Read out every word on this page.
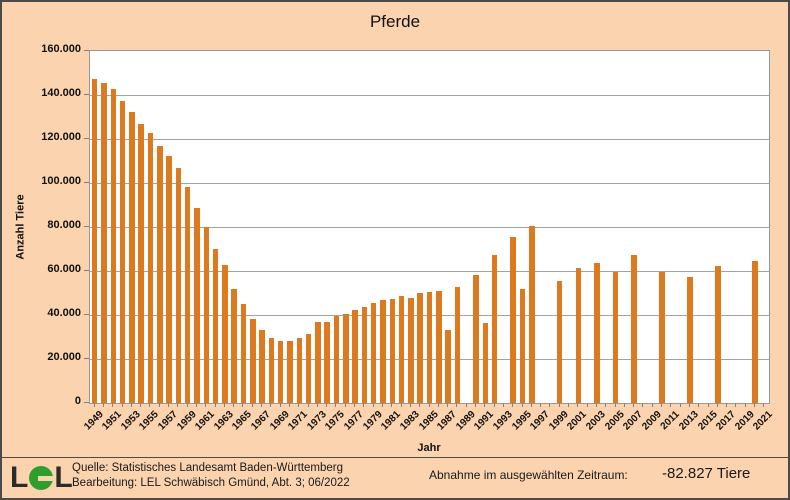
Pferde
Anzahl Tiere
160.000
140.000
120.000
100.000
80.000
60.000
40.000
20.000
0
1949
1951
1953
1955
1957
1959
1961
1963
1965
1967
1969
1971
1973
1975
1977
1979
1981
1983
1985
1987
1989
1991
1993
1995
1997
1999
2001
2003
2005
2007
2009
2011
2013
2015
2017
2019
2021
Jahr
L L Quelle: Statistisches Landesamt Baden-Württemberg
Bearbeitung: LEL Schwäbisch Gmünd, Abt. 3; 06/2022
Abnahme im ausgewählten Zeitraum: -82.827 Tiere
